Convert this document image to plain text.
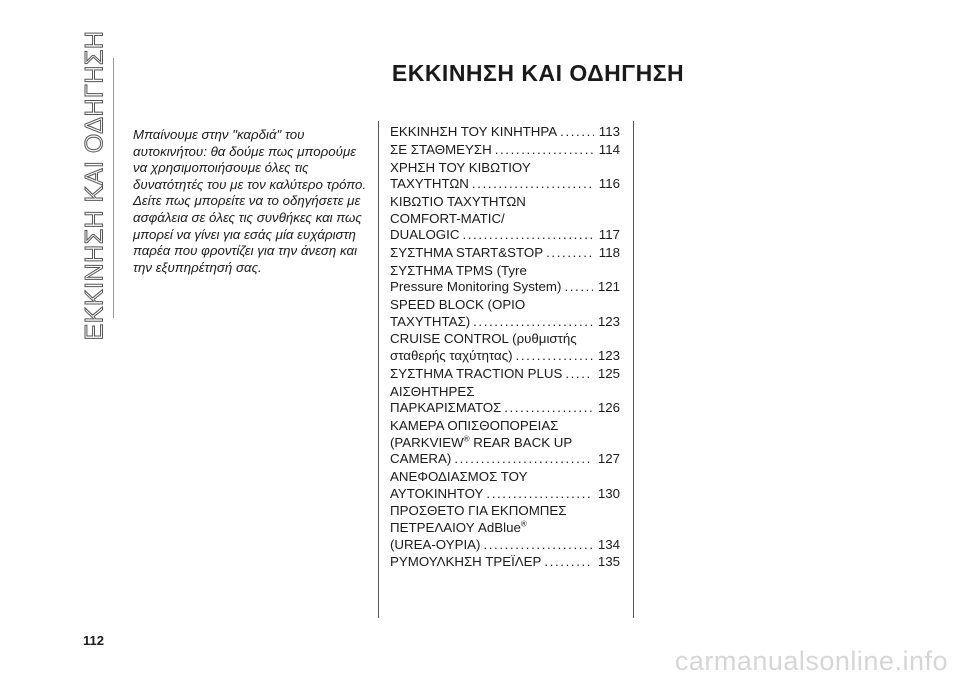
ΕΚΚΙΝΗΣΗ ΚΑΙ ΟΔΗΓΗΣΗ	ΕΚΚΙΝΗΣΗ ΚΑΙ ΟΔΗΓΗΣΗ

Μπαίνουμε στην "καρδιά" του αυτοκινήτου: θα δούμε πως μπορούμε να χρησιμοποιήσουμε όλες τις δυνατότητές του με τον καλύτερο τρόπο.

Δείτε πως μπορείτε να το οδηγήσετε με ασφάλεια σε όλες τις συνθήκες και πως μπορεί να γίνει για εσάς μία ευχάριστη παρέα που φροντίζει για την άνεση και την εξυπηρέτησή σας.

ΕΚΚΙΝΗΣΗ ΤΟΥ ΚΙΝΗΤΗΡΑ .....	113
ΣΕ ΣΤΑΘΜΕΥΣΗ .....	114
ΧΡΗΣΗ ΤΟΥ ΚΙΒΩΤΙΟΥ
ΤΑΧΥΤΗΤΩΝ .....	116
ΚΙΒΩΤΙΟ ΤΑΧΥΤΗΤΩΝ
COMFORT-MATIC/
DUALOGIC .....	117
ΣΥΣΤΗΜΑ START&STOP .....	118
ΣΥΣΤΗΜΑ TPMS (Tyre
Pressure Monitoring System) .....	121
SPEED BLOCK (ΟΡΙΟ
ΤΑΧΥΤΗΤΑΣ) .....	123
CRUISE CONTROL (ρυθμιστής
σταθερής ταχύτητας) .....	123
ΣΥΣΤΗΜΑ TRACTION PLUS .....	125
ΑΙΣΘΗΤΗΡΕΣ
ΠΑΡΚΑΡΙΣΜΑΤΟΣ .....	126
ΚΑΜΕΡΑ ΟΠΙΣΘΟΠΟΡΕΙΑΣ
(PARKVIEW® REAR BACK UP
CAMERA) .....	127
ΑΝΕΦΟΔΙΑΣΜΟΣ ΤΟΥ
ΑΥΤΟΚΙΝΗΤΟΥ .....	130
ΠΡΟΣΘΕΤΟ ΓΙΑ ΕΚΠΟΜΠΕΣ
ΠΕΤΡΕΛΑΙΟΥ AdBlue®
(UREA-ΟΥΡΙΑ) .....	134
ΡΥΜΟΥΛΚΗΣΗ ΤΡΕΪΛΕΡ .....	135
112
carmanualsonline.info
